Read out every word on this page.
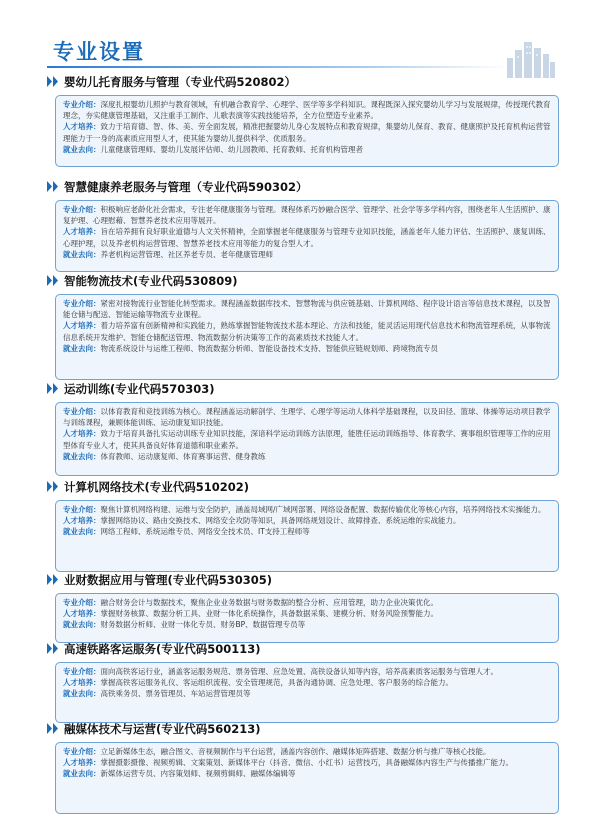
专业设置
婴幼儿托育服务与管理（专业代码520802）
专业介绍：深度扎根婴幼儿照护与教育领域，有机融合教育学、心理学、医学等多学科知识。课程既深入探究婴幼儿学习与发展规律，传授现代教育理念，夯实健康管理基础，又注重手工制作、儿歌表演等实践技能培养，全方位塑造专业素养。
人才培养：致力于培育德、智、体、美、劳全面发展，精准把握婴幼儿身心发展特点和教育规律，集婴幼儿保育、教育、健康照护及托育机构运营管理能力于一身的高素质应用型人才，使其能为婴幼儿提供科学、优质服务。
就业去向：儿童健康管理师、婴幼儿发展评估师、幼儿园教师、托育教师、托育机构管理者
智慧健康养老服务与管理（专业代码590302）
专业介绍：积极响应老龄化社会需求，专注老年健康服务与管理。课程体系巧妙融合医学、管理学、社会学等多学科内容，围绕老年人生活照护、康复护理、心理慰藉、智慧养老技术应用等展开。
人才培养：旨在培养拥有良好职业道德与人文关怀精神，全面掌握老年健康服务与管理专业知识技能，涵盖老年人能力评估、生活照护、康复训练、心理护理，以及养老机构运营管理、智慧养老技术应用等能力的复合型人才。
就业去向：养老机构运营管理、社区养老专员、老年健康管理师
智能物流技术(专业代码530809)
专业介绍：紧密对接物流行业智能化转型需求。课程涵盖数据库技术、智慧物流与供应链基础、计算机网络、程序设计语言等信息技术课程，以及智能仓储与配送、智能运输等物流专业课程。
人才培养：着力培养富有创新精神和实践能力，熟练掌握智能物流技术基本理论、方法和技能，能灵活运用现代信息技术和物流管理系统，从事物流信息系统开发维护、智能仓储配送管理、物流数据分析决策等工作的高素质技术技能人才。
就业去向：物流系统设计与运维工程师、物流数据分析师、智能设备技术支持、智能供应链规划师、跨境物流专员
运动训练(专业代码570303)
专业介绍：以体育教育和竞技训练为核心。课程涵盖运动解剖学、生理学、心理学等运动人体科学基础课程，以及田径、篮球、体操等运动项目教学与训练课程，兼顾体能训练、运动康复知识技能。
人才培养：致力于培育具备扎实运动训练专业知识技能，深谙科学运动训练方法原理，能胜任运动训练指导、体育教学、赛事组织管理等工作的应用型体育专业人才，使其具备良好体育道德和职业素养。
就业去向：体育教师、运动康复师、体育赛事运营、健身教练
计算机网络技术(专业代码510202)
专业介绍：聚焦计算机网络构建、运维与安全防护，涵盖局域网/广域网部署、网络设备配置、数据传输优化等核心内容，培养网络技术实操能力。
人才培养：掌握网络协议、路由交换技术、网络安全攻防等知识，具备网络规划设计、故障排查、系统运维的实战能力。
就业去向：网络工程师、系统运维专员、网络安全技术员、IT支持工程师等
业财数据应用与管理(专业代码530305)
专业介绍：融合财务会计与数据技术，聚焦企业业务数据与财务数据的整合分析、应用管理，助力企业决策优化。
人才培养：掌握财务核算、数据分析工具、业财一体化系统操作，具备数据采集、建模分析、财务风险预警能力。
就业去向：财务数据分析师、业财一体化专员、财务BP、数据管理专员等
高速铁路客运服务(专业代码500113)
专业介绍：面向高铁客运行业，涵盖客运服务规范、票务管理、应急处置、高铁设备认知等内容，培养高素质客运服务与管理人才。
人才培养：掌握高铁客运服务礼仪、客运组织流程、安全管理规范，具备沟通协调、应急处理、客户服务的综合能力。
就业去向：高铁乘务员、票务管理员、车站运营管理员等
融媒体技术与运营(专业代码560213)
专业介绍：立足新媒体生态，融合图文、音视频制作与平台运营，涵盖内容创作、融媒体矩阵搭建、数据分析与推广等核心技能。
人才培养：掌握摄影摄像、视频剪辑、文案策划、新媒体平台（抖音、微信、小红书）运营技巧，具备融媒体内容生产与传播推广能力。
就业去向：新媒体运营专员、内容策划师、视频剪辑师、融媒体编辑等
